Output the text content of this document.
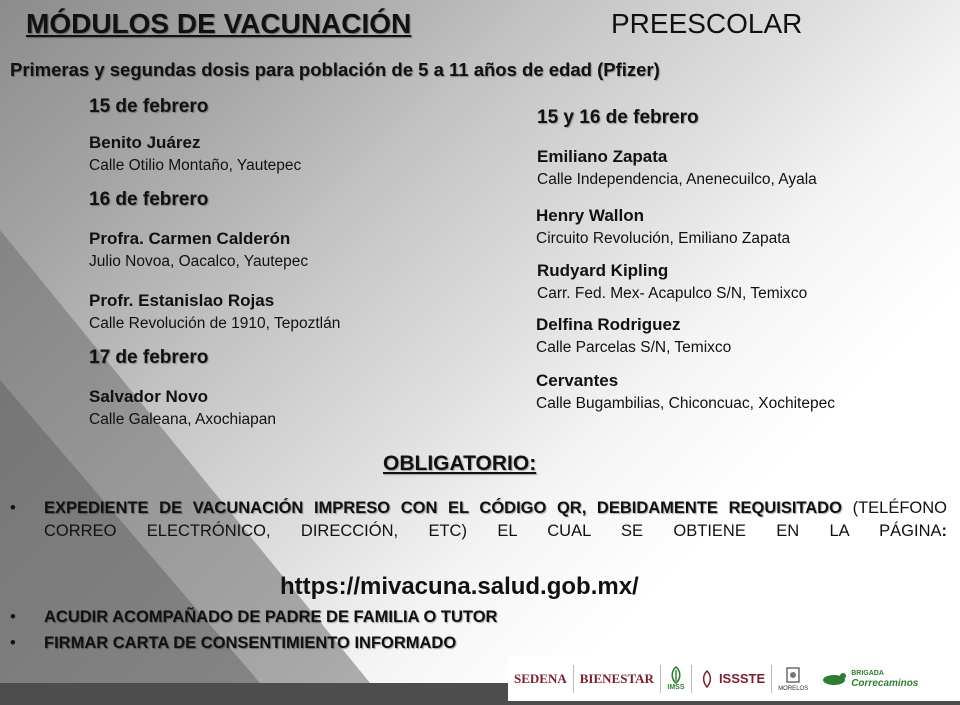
MÓDULOS DE VACUNACIÓN	PREESCOLAR
Primeras y segundas dosis para población de 5 a 11 años de edad (Pfizer)
15 de febrero
Benito Juárez
Calle Otilio Montaño, Yautepec
16 de febrero
Profra. Carmen Calderón
Julio Novoa, Oacalco, Yautepec
Profr. Estanislao Rojas
Calle Revolución de 1910, Tepoztlán
17 de febrero
Salvador Novo
Calle Galeana, Axochiapan
15 y 16 de febrero
Emiliano Zapata
Calle Independencia, Anenecuilco, Ayala
Henry Wallon
Circuito Revolución, Emiliano Zapata
Rudyard Kipling
Carr. Fed. Mex- Acapulco S/N, Temixco
Delfina Rodriguez
Calle Parcelas S/N, Temixco
Cervantes
Calle Bugambilias, Chiconcuac, Xochitepec
OBLIGATORIO:
•	EXPEDIENTE DE VACUNACIÓN IMPRESO CON EL CÓDIGO QR, DEBIDAMENTE REQUISITADO (TELÉFONO CORREO ELECTRÓNICO, DIRECCIÓN, ETC) EL CUAL SE OBTIENE EN LA PÁGINA:
https://mivacuna.salud.gob.mx/
•	ACUDIR ACOMPAÑADO DE PADRE DE FAMILIA O TUTOR
•	FIRMAR CARTA DE CONSENTIMIENTO INFORMADO
SEDENA BIENESTAR
IMSS
ISSSTE
MORELOS
BRIGADA
Correcaminos
